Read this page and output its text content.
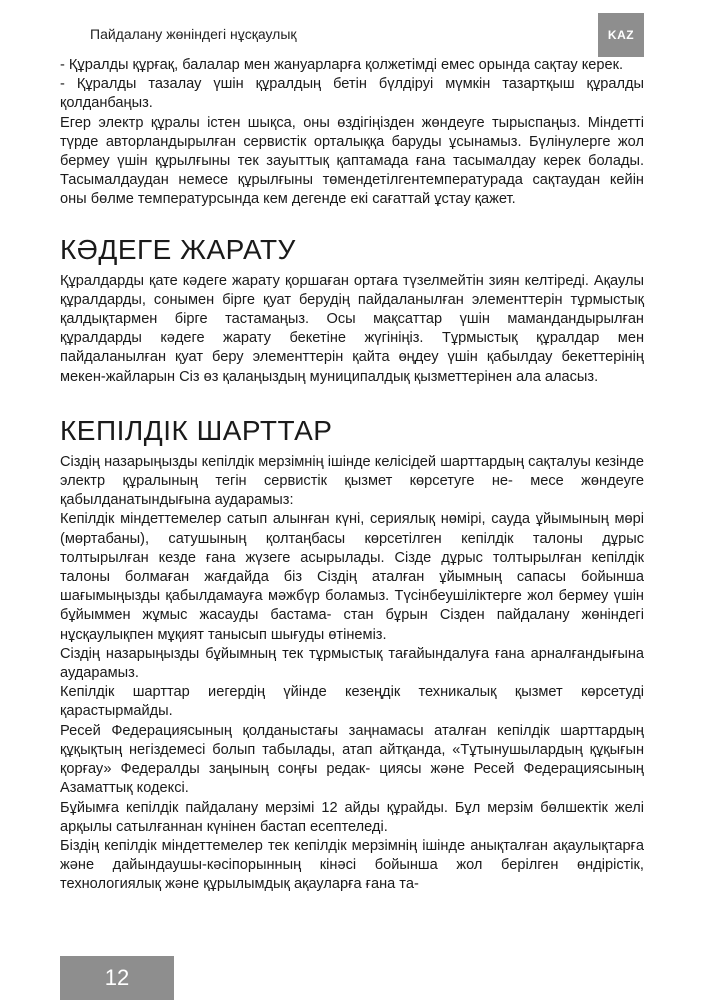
Пайдалану жөніндегі нұсқаулық	KAZ

- Құралды құрғақ, балалар мен жануарларға қолжетімді емес орында сақтау керек.

- Құралды тазалау үшін құралдың бетін бүлдіруі мүмкін тазартқыш құралды қолданбаңыз.

Егер электр құралы істен шықса, оны өздігіңізден жөндеуге тырыспаңыз. Міндетті түрде авторландырылған сервистік орталыққа баруды ұсынамыз. Бүлінулерге жол бермеу үшін құрылғыны тек зауыттық қаптамада ғана тасымалдау керек болады. Тасымалдаудан немесе құрылғыны төмендетілгентемпературада сақтаудан кейін оны бөлме температурсында кем дегенде екі сағаттай ұстау қажет.

КӘДЕГЕ ЖАРАТУ

Құралдарды қате кәдеге жарату қоршаған ортаға түзелмейтін зиян келтіреді. Ақаулы құралдарды, сонымен бірге қуат берудің пайдаланылған элементтерін тұрмыстық қалдықтармен бірге тастамаңыз. Осы мақсаттар үшін мамандандырылған құралдарды кәдеге жарату бекетіне жүгініңіз. Тұрмыстық құралдар мен пайдаланылған қуат беру элементтерін қайта өңдеу үшін қабылдау бекеттерінің мекен-жайларын Сіз өз қалаңыздың муниципалдық қызметтерінен ала аласыз.

КЕПІЛДІК ШАРТТАР

Сіздің назарыңызды кепілдік мерзімнің ішінде келісідей шарттардың сақталуы кезінде электр құралының тегін сервистік қызмет көрсетуге не- месе жөндеуге қабылданатындығына аударамыз:

Кепілдік міндеттемелер сатып алынған күні, сериялық нөмірі, сауда ұйымының мөрі (мөртабаны), сатушының қолтаңбасы көрсетілген кепілдік талоны дұрыс толтырылған кезде ғана жүзеге асырылады. Сізде дұрыс толтырылған кепілдік талоны болмаған жағдайда біз Сіздің аталған ұйымның сапасы бойынша шағымыңызды қабылдамауға мәжбүр боламыз. Түсінбеушіліктерге жол бермеу үшін бұйыммен жұмыс жасауды бастама- стан бұрын Сізден пайдалану жөніндегі нұсқаулықпен мұқият танысып шығуды өтінеміз.

Сіздің назарыңызды бұйымның тек тұрмыстық тағайындалуға ғана арналғандығына аударамыз.

Кепілдік шарттар иегердің үйінде кезеңдік техникалық қызмет көрсетуді қарастырмайды.

Ресей Федерациясының қолданыстағы заңнамасы аталған кепілдік шарттардың құқықтың негіздемесі болып табылады, атап айтқанда, «Тұтынушылардың құқығын қорғау» Федералды заңының соңғы редак- циясы және Ресей Федерациясының Азаматтық кодексі.

Бұйымға кепілдік пайдалану мерзімі 12 айды құрайды. Бұл мерзім бөлшектік желі арқылы сатылғаннан күнінен бастап есептеледі.

Біздің кепілдік міндеттемелер тек кепілдік мерзімнің ішінде анықталған ақаулықтарға және дайындаушы-кәсіпорынның кінәсі бойынша жол берілген өндірістік, технологиялық және құрылымдық ақауларға ғана та-

12
